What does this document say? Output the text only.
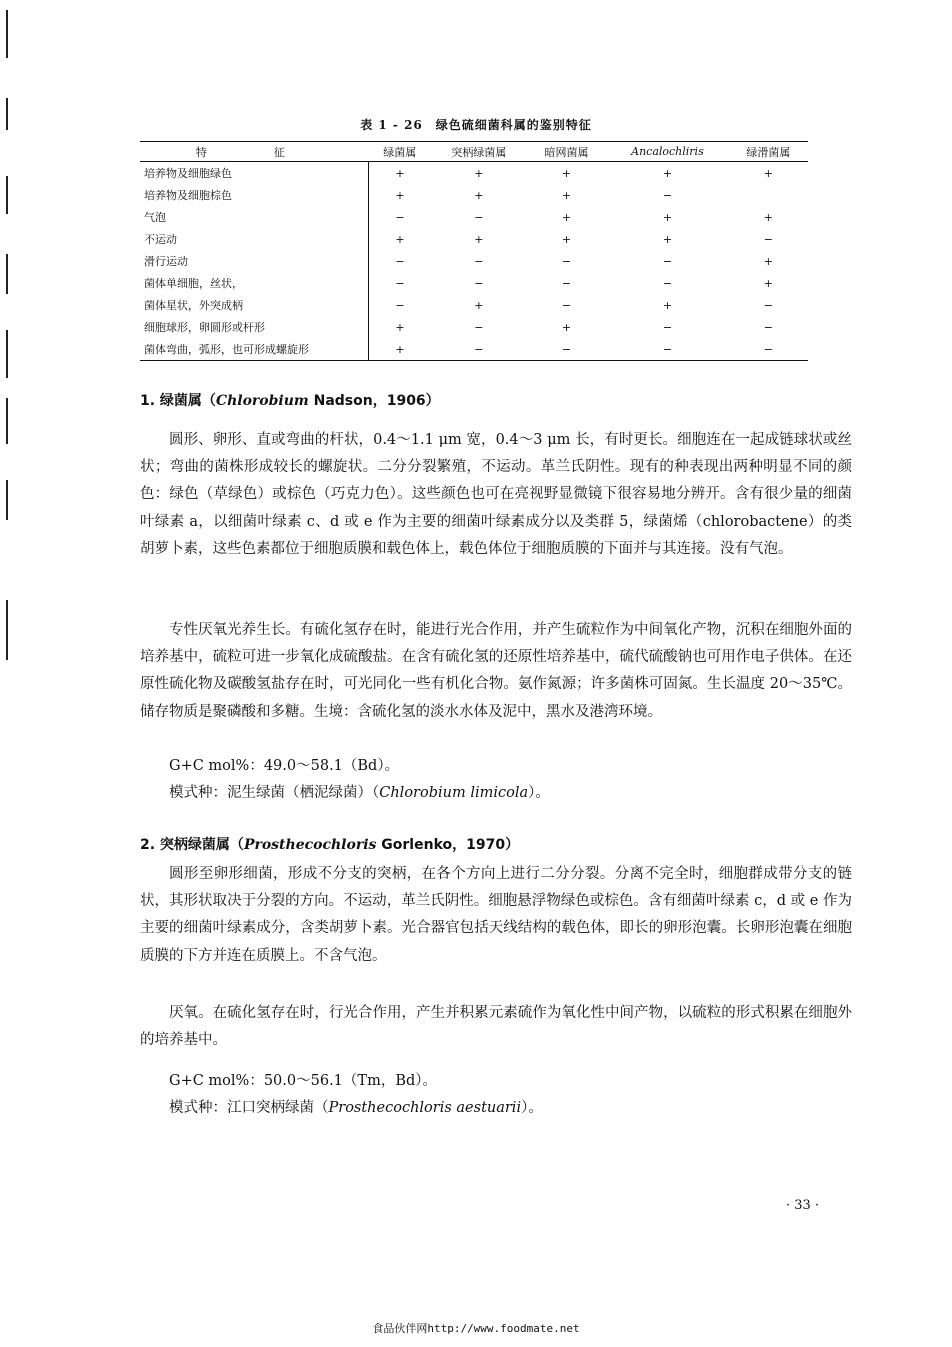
表 1 - 26　绿色硫细菌科属的鉴别特征
特　征	绿菌属	突柄绿菌属	暗网菌属	Ancalochliris	绿滑菌属
培养物及细胞绿色	+	+	+	+	+
培养物及细胞棕色	+	+	+	−	
气泡	−	−	+	+	+
不运动	+	+	+	+	−
滑行运动	−	−	−	−	+
菌体单细胞，丝状，	−	−	−	−	+
菌体星状，外突成柄	−	+	−	+	−
细胞球形，卵圆形或杆形	+	−	+	−	−
菌体弯曲，弧形，也可形成螺旋形	+	−	−	−	−
1. 绿菌属（Chlorobium Nadson，1906）
圆形、卵形、直或弯曲的杆状，0.4～1.1 μm 宽，0.4～3 μm 长，有时更长。细胞连在一起成链球状或丝状；弯曲的菌株形成较长的螺旋状。二分分裂繁殖，不运动。革兰氏阴性。现有的种表现出两种明显不同的颜色：绿色（草绿色）或棕色（巧克力色）。这些颜色也可在亮视野显微镜下很容易地分辨开。含有很少量的细菌叶绿素 a，以细菌叶绿素 c、d 或 e 作为主要的细菌叶绿素成分以及类群 5，绿菌烯（chlorobactene）的类胡萝卜素，这些色素都位于细胞质膜和载色体上，载色体位于细胞质膜的下面并与其连接。没有气泡。
专性厌氧光养生长。有硫化氢存在时，能进行光合作用，并产生硫粒作为中间氧化产物，沉积在细胞外面的培养基中，硫粒可进一步氧化成硫酸盐。在含有硫化氢的还原性培养基中，硫代硫酸钠也可用作电子供体。在还原性硫化物及碳酸氢盐存在时，可光同化一些有机化合物。氨作氮源；许多菌株可固氮。生长温度 20～35℃。储存物质是聚磷酸和多糖。生境：含硫化氢的淡水水体及泥中，黑水及港湾环境。
G+C mol%：49.0～58.1（Bd）。
模式种：泥生绿菌（栖泥绿菌）（Chlorobium limicola）。
2. 突柄绿菌属（Prosthecochloris Gorlenko，1970）
圆形至卵形细菌，形成不分支的突柄，在各个方向上进行二分分裂。分离不完全时，细胞群成带分支的链状，其形状取决于分裂的方向。不运动，革兰氏阴性。细胞悬浮物绿色或棕色。含有细菌叶绿素 c，d 或 e 作为主要的细菌叶绿素成分，含类胡萝卜素。光合器官包括天线结构的载色体，即长的卵形泡囊。长卵形泡囊在细胞质膜的下方并连在质膜上。不含气泡。
厌氧。在硫化氢存在时，行光合作用，产生并积累元素硫作为氧化性中间产物，以硫粒的形式积累在细胞外的培养基中。
G+C mol%：50.0～56.1（Tm，Bd）。
模式种：江口突柄绿菌（Prosthecochloris aestuarii）。
· 33 ·
食品伙伴网http://www.foodmate.net
